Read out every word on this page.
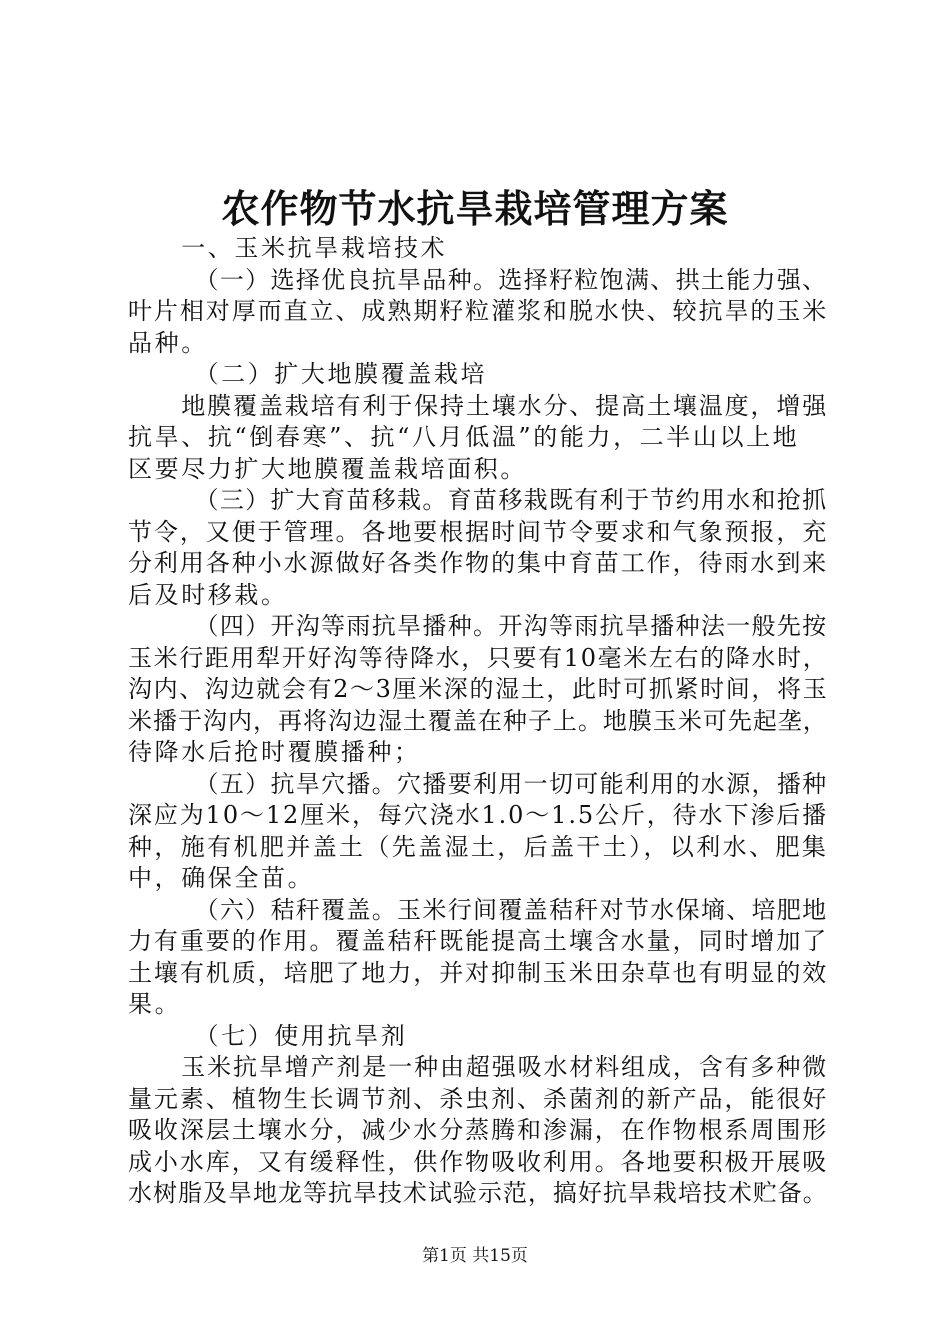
农作物节水抗旱栽培管理方案
一、玉米抗旱栽培技术
（一）选择优良抗旱品种。选择籽粒饱满、拱土能力强、
叶片相对厚而直立、成熟期籽粒灌浆和脱水快、较抗旱的玉米
品种。
（二）扩大地膜覆盖栽培
地膜覆盖栽培有利于保持土壤水分、提高土壤温度，增强
抗旱、抗“倒春寒”、抗“八月低温”的能力，二半山以上地
区要尽力扩大地膜覆盖栽培面积。
（三）扩大育苗移栽。育苗移栽既有利于节约用水和抢抓
节令，又便于管理。各地要根据时间节令要求和气象预报，充
分利用各种小水源做好各类作物的集中育苗工作，待雨水到来
后及时移栽。
（四）开沟等雨抗旱播种。开沟等雨抗旱播种法一般先按
玉米行距用犁开好沟等待降水，只要有10毫米左右的降水时，
沟内、沟边就会有2～3厘米深的湿土，此时可抓紧时间，将玉
米播于沟内，再将沟边湿土覆盖在种子上。地膜玉米可先起垄，
待降水后抢时覆膜播种；
（五）抗旱穴播。穴播要利用一切可能利用的水源，播种
深应为10～12厘米，每穴浇水1.0～1.5公斤，待水下渗后播
种，施有机肥并盖土（先盖湿土，后盖干土），以利水、肥集
中，确保全苗。
（六）秸秆覆盖。玉米行间覆盖秸秆对节水保墒、培肥地
力有重要的作用。覆盖秸秆既能提高土壤含水量，同时增加了
土壤有机质，培肥了地力，并对抑制玉米田杂草也有明显的效
果。
（七）使用抗旱剂
玉米抗旱增产剂是一种由超强吸水材料组成，含有多种微
量元素、植物生长调节剂、杀虫剂、杀菌剂的新产品，能很好
吸收深层土壤水分，减少水分蒸腾和渗漏，在作物根系周围形
成小水库，又有缓释性，供作物吸收利用。各地要积极开展吸
水树脂及旱地龙等抗旱技术试验示范，搞好抗旱栽培技术贮备。
第1页 共15页
